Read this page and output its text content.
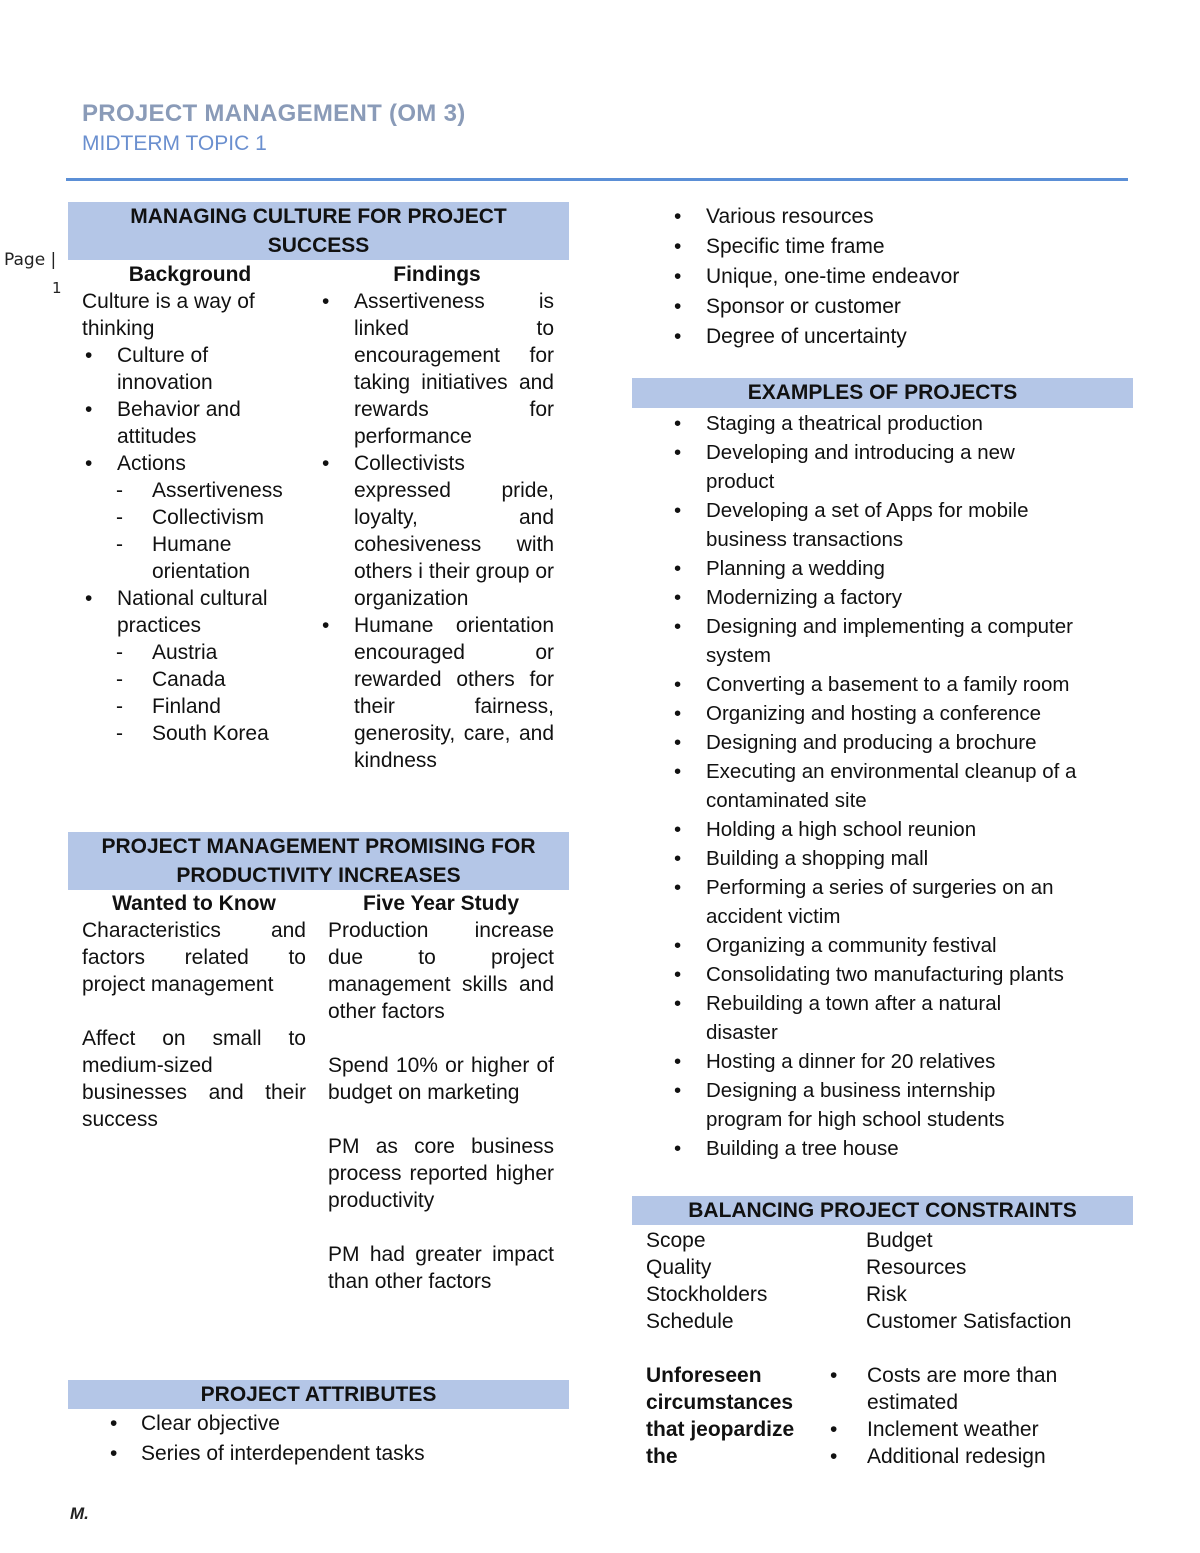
PROJECT MANAGEMENT (OM 3)
MIDTERM TOPIC 1
Page |
1
M.
MANAGING CULTURE FOR PROJECT
SUCCESS
Background	Findings
Culture is a way of
thinking
• Culture of innovation
• Behavior and attitudes
• Actions
- Assertiveness
- Collectivism
- Humane orientation
• National cultural practices
- Austria
- Canada
- Finland
- South Korea
• Assertiveness is linked to encouragement for taking initiatives and rewards for performance
• Collectivists expressed pride, loyalty, and cohesiveness with others i their group or organization
• Humane orientation encouraged or rewarded others for their fairness, generosity, care, and kindness
PROJECT MANAGEMENT PROMISING FOR
PRODUCTIVITY INCREASES
Wanted to Know	Five Year Study
Characteristics and factors related to project management
Affect on small to medium-sized businesses and their success
Production increase due to project management skills and other factors
Spend 10% or higher of budget on marketing
PM as core business process reported higher productivity
PM had greater impact than other factors
PROJECT ATTRIBUTES
• Clear objective
• Series of interdependent tasks
• Various resources
• Specific time frame
• Unique, one-time endeavor
• Sponsor or customer
• Degree of uncertainty
EXAMPLES OF PROJECTS
• Staging a theatrical production
• Developing and introducing a new product
• Developing a set of Apps for mobile business transactions
• Planning a wedding
• Modernizing a factory
• Designing and implementing a computer system
• Converting a basement to a family room
• Organizing and hosting a conference
• Designing and producing a brochure
• Executing an environmental cleanup of a contaminated site
• Holding a high school reunion
• Building a shopping mall
• Performing a series of surgeries on an accident victim
• Organizing a community festival
• Consolidating two manufacturing plants
• Rebuilding a town after a natural disaster
• Hosting a dinner for 20 relatives
• Designing a business internship program for high school students
• Building a tree house
BALANCING PROJECT CONSTRAINTS
Scope
Quality
Stockholders
Schedule
Budget
Resources
Risk
Customer Satisfaction
Unforeseen circumstances that jeopardize the
• Costs are more than estimated
• Inclement weather
• Additional redesign
